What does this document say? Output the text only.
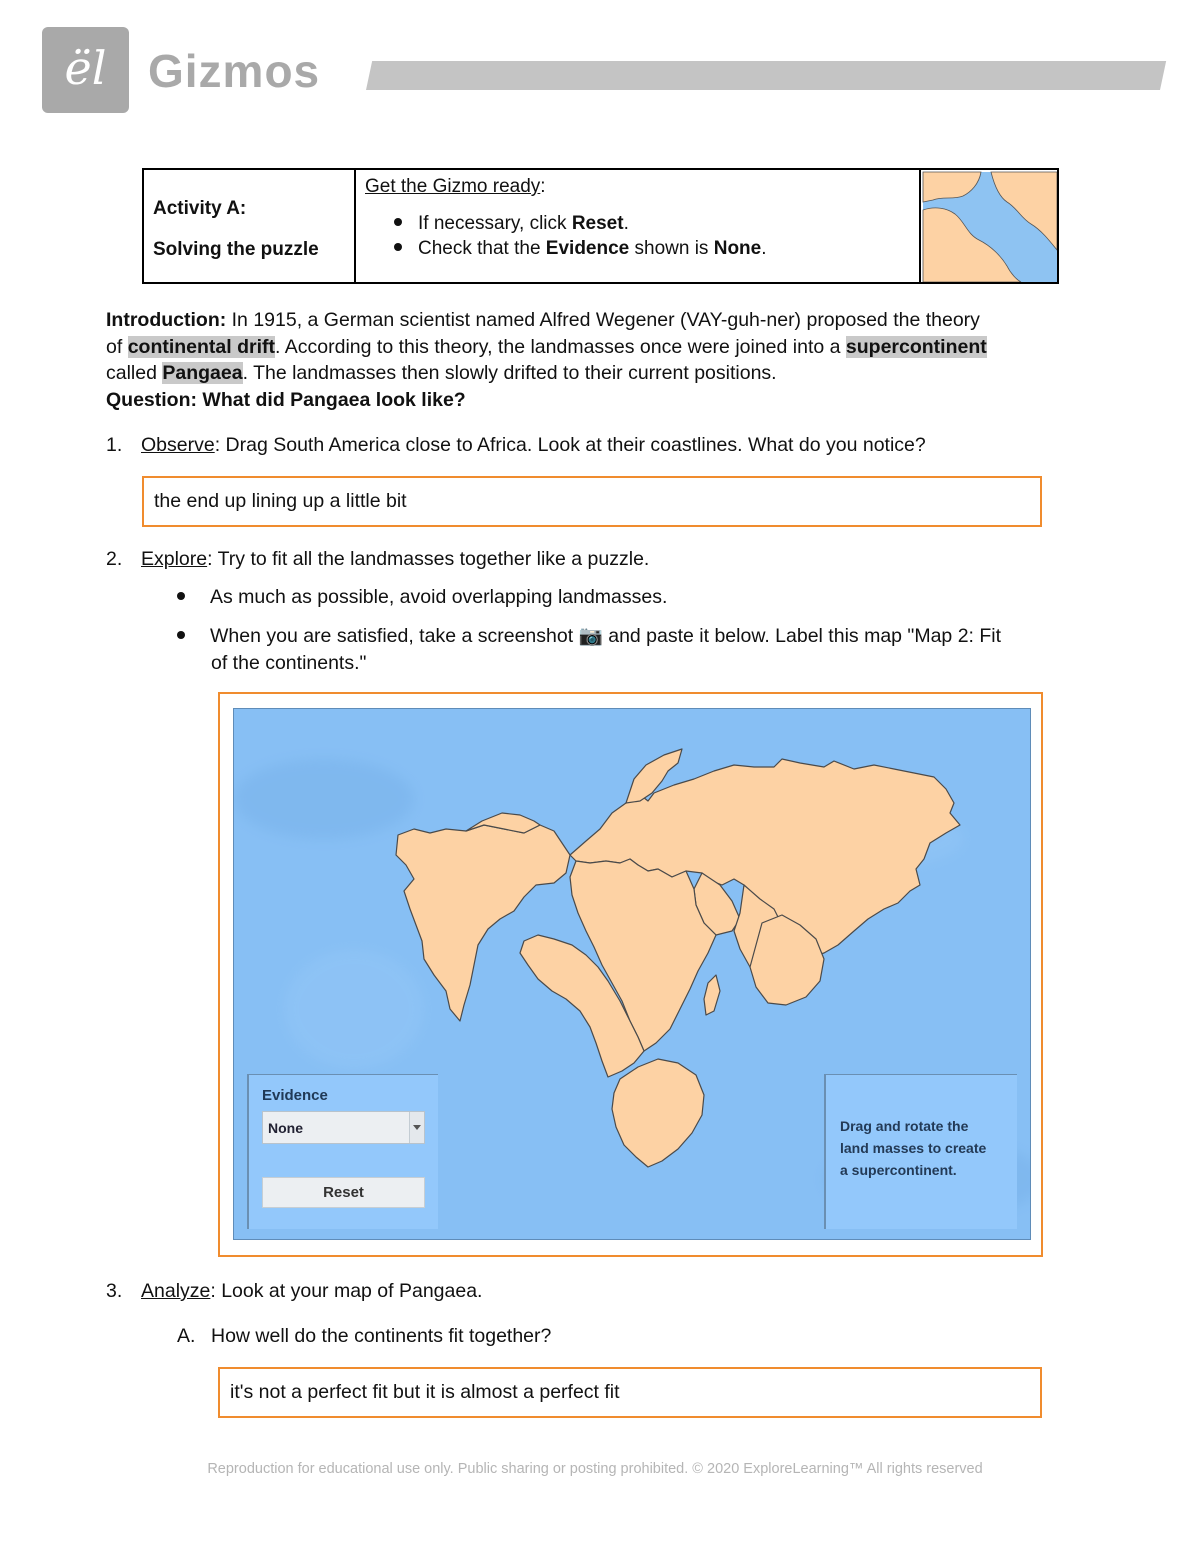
ël Gizmos
Activity A:
Solving the puzzle
Get the Gizmo ready:
If necessary, click Reset.
Check that the Evidence shown is None.
Introduction: In 1915, a German scientist named Alfred Wegener (VAY-guh-ner) proposed the theory
of continental drift. According to this theory, the landmasses once were joined into a supercontinent
called Pangaea. The landmasses then slowly drifted to their current positions.
Question: What did Pangaea look like?
1. Observe: Drag South America close to Africa. Look at their coastlines. What do you notice?
the end up lining up a little bit
2. Explore: Try to fit all the landmasses together like a puzzle.
As much as possible, avoid overlapping landmasses.
When you are satisfied, take a screenshot 📷 and paste it below. Label this map "Map 2: Fit
of the continents."
Evidence
None
Reset
Drag and rotate the
land masses to create
a supercontinent.
3. Analyze: Look at your map of Pangaea.
A. How well do the continents fit together?
it's not a perfect fit but it is almost a perfect fit
Reproduction for educational use only. Public sharing or posting prohibited. © 2020 ExploreLearning™ All rights reserved
